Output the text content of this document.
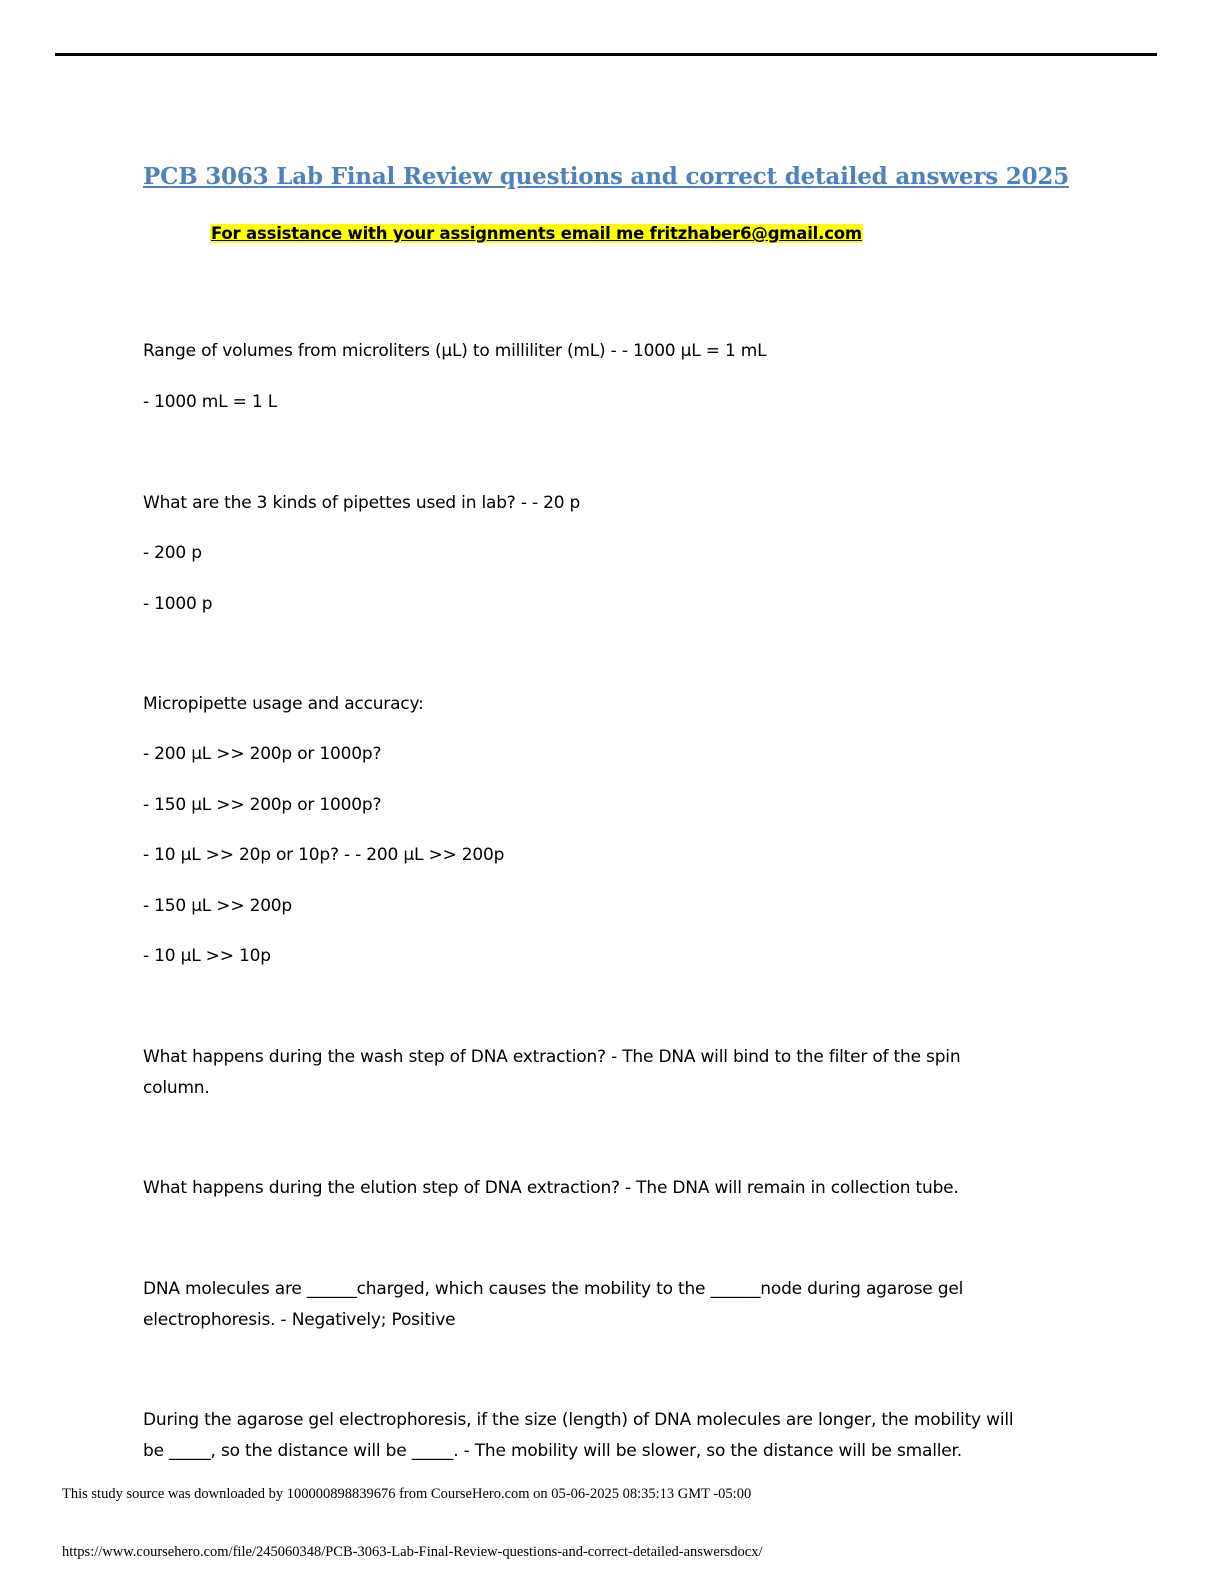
PCB 3063 Lab Final Review questions and correct detailed answers 2025
For assistance with your assignments email me fritzhaber6@gmail.com
Range of volumes from microliters (µL) to milliliter (mL) - - 1000 µL = 1 mL
- 1000 mL = 1 L
What are the 3 kinds of pipettes used in lab? - - 20 p
- 200 p
- 1000 p
Micropipette usage and accuracy:
- 200 µL >> 200p or 1000p?
- 150 µL >> 200p or 1000p?
- 10 µL >> 20p or 10p? - - 200 µL >> 200p
- 150 µL >> 200p
- 10 µL >> 10p
What happens during the wash step of DNA extraction? - The DNA will bind to the filter of the spin
column.
What happens during the elution step of DNA extraction? - The DNA will remain in collection tube.
DNA molecules are ______charged, which causes the mobility to the ______node during agarose gel
electrophoresis. - Negatively; Positive
During the agarose gel electrophoresis, if the size (length) of DNA molecules are longer, the mobility will
be _____, so the distance will be _____. - The mobility will be slower, so the distance will be smaller.
This study source was downloaded by 100000898839676 from CourseHero.com on 05-06-2025 08:35:13 GMT -05:00
https://www.coursehero.com/file/245060348/PCB-3063-Lab-Final-Review-questions-and-correct-detailed-answersdocx/
